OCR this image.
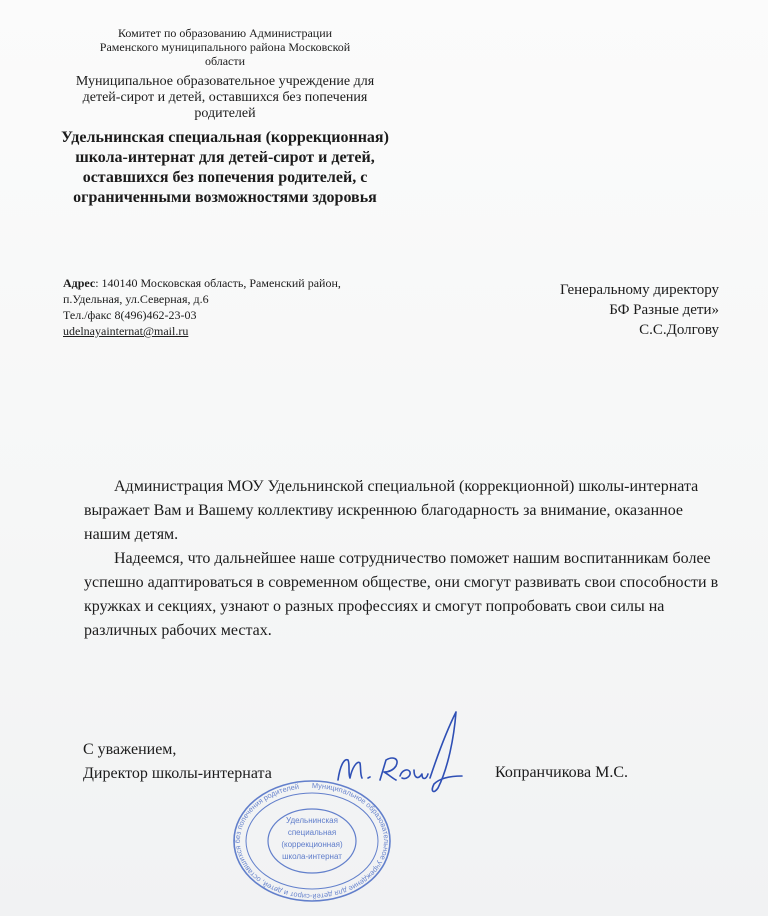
Комитет по образованию Администрации

Раменского муниципального района Московской

области

Муниципальное образовательное учреждение для детей-сирот и детей, оставшихся без попечения родителей

Удельнинская специальная (коррекционная) школа-интернат для детей-сирот и детей, оставшихся без попечения родителей, с ограниченными возможностями здоровья

Адрес: 140140 Московская область, Раменский район, п.Удельная, ул.Северная, д.6
Тел./факс 8(496)462-23-03
udelnayainternat@mail.ru
Генеральному директору
БФ Разные дети»
С.С.Долгову

Администрация МОУ Удельнинской специальной (коррекционной) школы-интерната выражает Вам и Вашему коллективу искреннюю благодарность за внимание, оказанное нашим детям.

Надеемся, что дальнейшее наше сотрудничество поможет нашим воспитанникам более успешно адаптироваться в современном обществе, они смогут развивать свои способности в кружках и секциях, узнают о разных профессиях и смогут попробовать свои силы на различных рабочих местах.

С уважением,
Директор школы-интерната	Копранчикова М.С.
Муниципальное образовательное учреждение для детей-сирот и детей, оставшихся без попечения родителей
Удельнинская
специальная
(коррекционная)
школа-интернат
